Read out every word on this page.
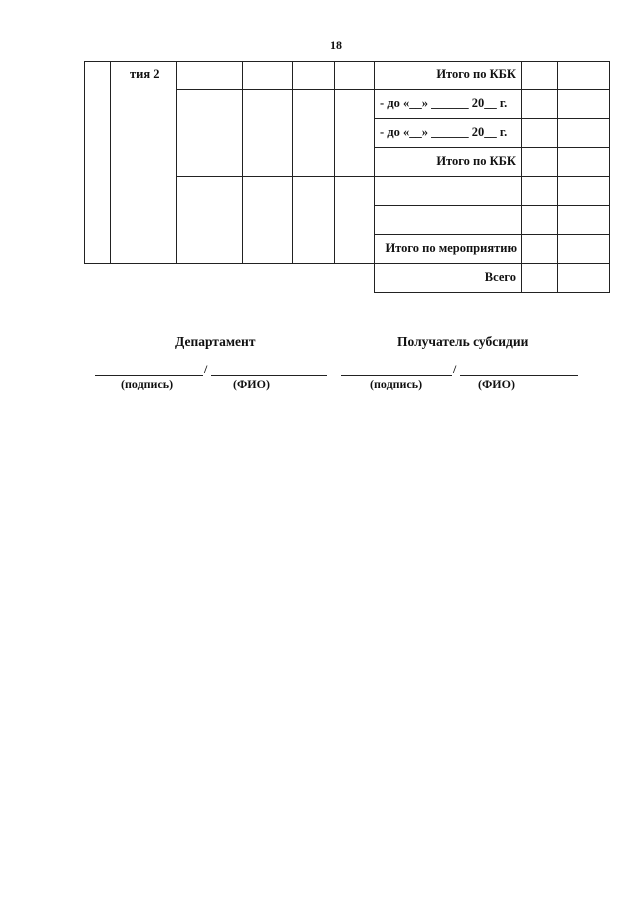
18
тия 2	Итого по КБК
- до «__» ______ 20__ г.
- до «__» ______ 20__ г.
Итого по КБК
Итого по мероприятию
Всего
Департамент	Получатель субсидии
/
(подпись)	(ФИО)
/
(подпись)	(ФИО)
